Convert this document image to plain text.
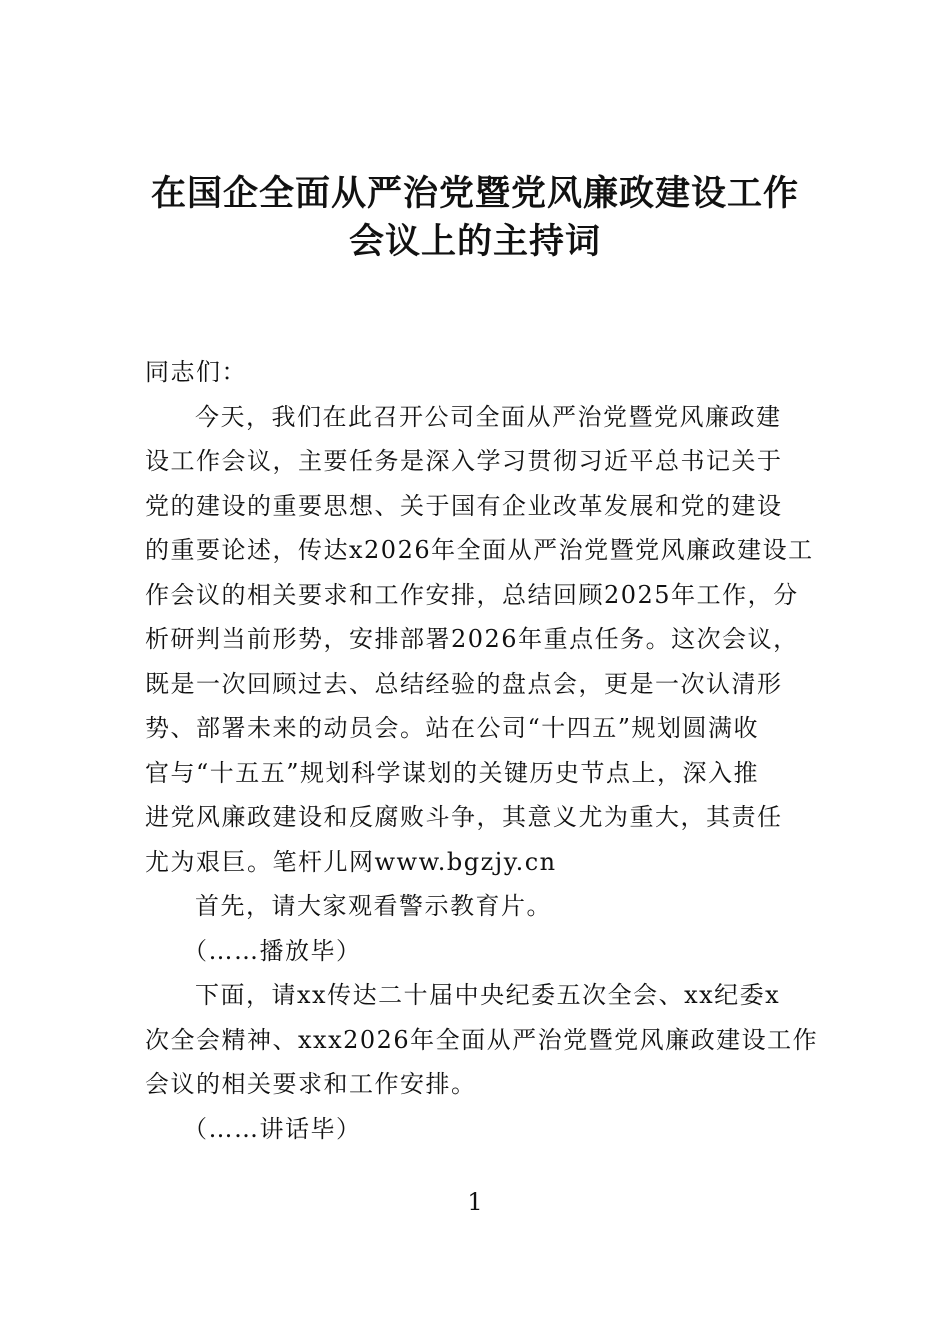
在国企全面从严治党暨党风廉政建设工作
会议上的主持词
同志们：
今天，我们在此召开公司全面从严治党暨党风廉政建
设工作会议，主要任务是深入学习贯彻习近平总书记关于
党的建设的重要思想、关于国有企业改革发展和党的建设
的重要论述，传达x2026年全面从严治党暨党风廉政建设工
作会议的相关要求和工作安排，总结回顾2025年工作，分
析研判当前形势，安排部署2026年重点任务。这次会议，
既是一次回顾过去、总结经验的盘点会，更是一次认清形
势、部署未来的动员会。站在公司“十四五”规划圆满收
官与“十五五”规划科学谋划的关键历史节点上，深入推
进党风廉政建设和反腐败斗争，其意义尤为重大，其责任
尤为艰巨。笔杆儿网www.bgzjy.cn
首先，请大家观看警示教育片。
（……播放毕）
下面，请xx传达二十届中央纪委五次全会、xx纪委x
次全会精神、xxx2026年全面从严治党暨党风廉政建设工作
会议的相关要求和工作安排。
（……讲话毕）
1
